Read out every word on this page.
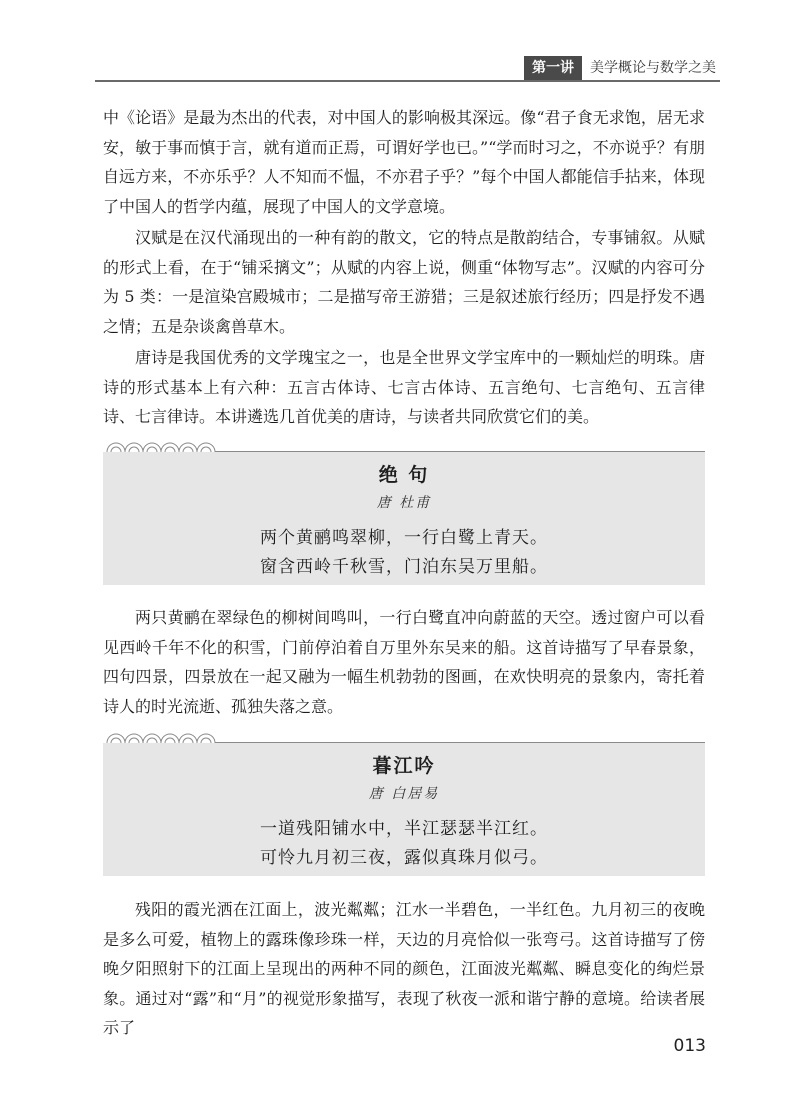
第一讲	美学概论与数学之美

中《论语》是最为杰出的代表，对中国人的影响极其深远。像“君子食无求饱，居无求安，敏于事而慎于言，就有道而正焉，可谓好学也已。”“学而时习之，不亦说乎？有朋自远方来，不亦乐乎？人不知而不愠，不亦君子乎？”每个中国人都能信手拈来，体现了中国人的哲学内蕴，展现了中国人的文学意境。

汉赋是在汉代涌现出的一种有韵的散文，它的特点是散韵结合，专事铺叙。从赋的形式上看，在于“铺采摛文”；从赋的内容上说，侧重“体物写志”。汉赋的内容可分为 5 类：一是渲染宫殿城市；二是描写帝王游猎；三是叙述旅行经历；四是抒发不遇之情；五是杂谈禽兽草木。

唐诗是我国优秀的文学瑰宝之一，也是全世界文学宝库中的一颗灿烂的明珠。唐诗的形式基本上有六种：五言古体诗、七言古体诗、五言绝句、七言绝句、五言律诗、七言律诗。本讲遴选几首优美的唐诗，与读者共同欣赏它们的美。

绝 句
唐 杜甫
两个黄鹂鸣翠柳，一行白鹭上青天。
窗含西岭千秋雪，门泊东吴万里船。

两只黄鹂在翠绿色的柳树间鸣叫，一行白鹭直冲向蔚蓝的天空。透过窗户可以看见西岭千年不化的积雪，门前停泊着自万里外东吴来的船。这首诗描写了早春景象，四句四景，四景放在一起又融为一幅生机勃勃的图画，在欢快明亮的景象内，寄托着诗人的时光流逝、孤独失落之意。

暮江吟
唐 白居易
一道残阳铺水中，半江瑟瑟半江红。
可怜九月初三夜，露似真珠月似弓。

残阳的霞光洒在江面上，波光粼粼；江水一半碧色，一半红色。九月初三的夜晚是多么可爱，植物上的露珠像珍珠一样，天边的月亮恰似一张弯弓。这首诗描写了傍晚夕阳照射下的江面上呈现出的两种不同的颜色，江面波光粼粼、瞬息变化的绚烂景象。通过对“露”和“月”的视觉形象描写，表现了秋夜一派和谐宁静的意境。给读者展示了

013
